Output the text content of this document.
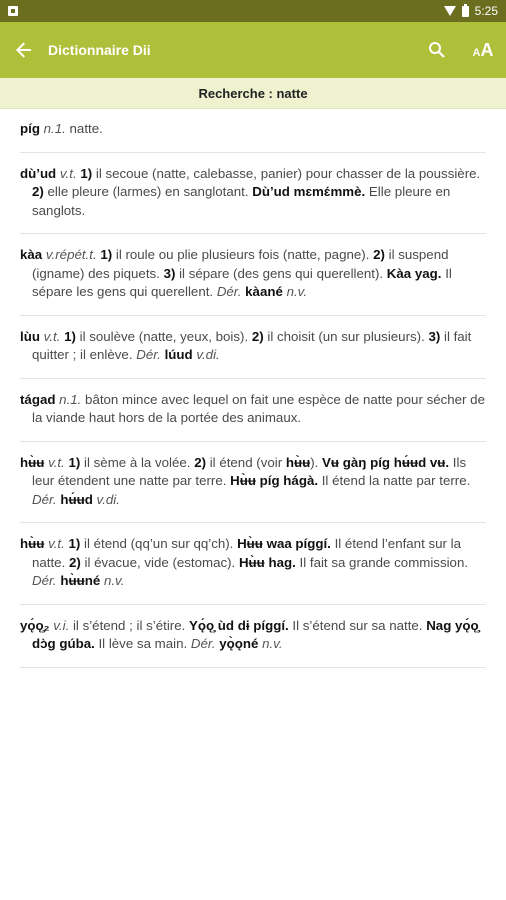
5:25
Dictionnaire Dii	A A
Recherche : natte

píg n.1. natte.

dù’ud v.t. 1) il secoue (natte, calebasse, panier) pour chasser de la poussière. 2) elle pleure (larmes) en sanglotant. Dù’ud mɛmɛ́mmè. Elle pleure en sanglots.

kàa v.répét.t. 1) il roule ou plie plusieurs fois (natte, pagne). 2) il suspend (igname) des piquets. 3) il sépare (des gens qui querellent). Kàa yag. Il sépare les gens qui querellent. Dér. kàané n.v.

lùu v.t. 1) il soulève (natte, yeux, bois). 2) il choisit (un sur plusieurs). 3) il fait quitter ; il enlève. Dér. lúud v.di.

tágad n.1. bâton mince avec lequel on fait une espèce de natte pour sécher de la viande haut hors de la portée des animaux.

hʉ̀ʉ v.t. 1) il sème à la volée. 2) il étend (voir hʉ̀ʉ). Vʉ gàŋ píg hʉ́ʉd vʉ. Ils leur étendent une natte par terre. Hʉ̀ʉ píg hágà. Il étend la natte par terre. Dér. hʉ́ʉd v.di.

hʉ̀ʉ v.t. 1) il étend (qq’un sur qq’ch). Hʉ̀ʉ waa píggí. Il étend l’enfant sur la natte. 2) il évacue, vide (estomac). Hʉ̀ʉ hag. Il fait sa grande commission. Dér. hʉ̀ʉné n.v.

yǫ́ǫ̧₂ v.i. il s’étend ; il s’étire. Yǫ́ǫ̧ ùd dɨ píggí. Il s’étend sur sa natte. Nag yǫ́ǫ̧ dɔ̀g gúba. Il lève sa main. Dér. yǫ̀ǫné n.v.
